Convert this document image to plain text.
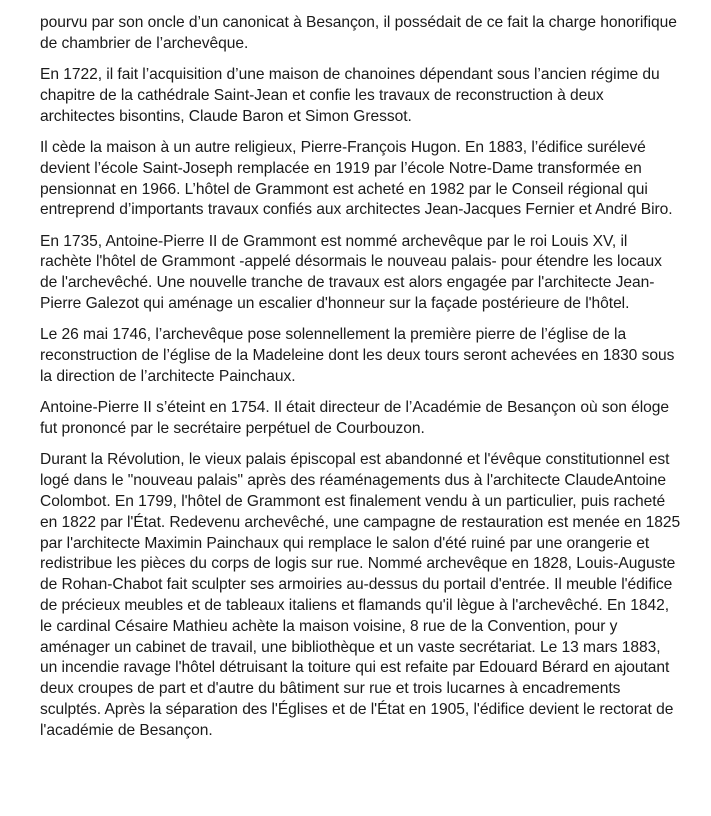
pourvu par son oncle d’un canonicat à Besançon, il possédait de ce fait la charge honorifique de chambrier de l’archevêque.

En 1722, il fait l’acquisition d’une maison de chanoines dépendant sous l’ancien régime du chapitre de la cathédrale Saint-Jean et confie les travaux de reconstruction à deux architectes bisontins, Claude Baron et Simon Gressot.

Il cède la maison à un autre religieux, Pierre-François Hugon. En 1883, l’édifice surélevé devient l’école Saint-Joseph remplacée en 1919 par l’école Notre-Dame transformée en pensionnat en 1966. L’hôtel de Grammont est acheté en 1982 par le Conseil régional qui entreprend d’importants travaux confiés aux architectes Jean-Jacques Fernier et André Biro.

En 1735, Antoine-Pierre II de Grammont est nommé archevêque par le roi Louis XV, il rachète l'hôtel de Grammont -appelé désormais le nouveau palais- pour étendre les locaux de l'archevêché. Une nouvelle tranche de travaux est alors engagée par l'architecte Jean-Pierre Galezot qui aménage un escalier d'honneur sur la façade postérieure de l'hôtel.

Le 26 mai 1746, l’archevêque pose solennellement la première pierre de l’église de la reconstruction de l’église de la Madeleine dont les deux tours seront achevées en 1830 sous la direction de l’architecte Painchaux.

Antoine-Pierre II s’éteint en 1754. Il était directeur de l’Académie de Besançon où son éloge fut prononcé par le secrétaire perpétuel de Courbouzon.

Durant la Révolution, le vieux palais épiscopal est abandonné et l'évêque constitutionnel est logé dans le "nouveau palais" après des réaménagements dus à l'architecte ClaudeAntoine Colombot. En 1799, l'hôtel de Grammont est finalement vendu à un particulier, puis racheté en 1822 par l'État. Redevenu archevêché, une campagne de restauration est menée en 1825 par l'architecte Maximin Painchaux qui remplace le salon d'été ruiné par une orangerie et redistribue les pièces du corps de logis sur rue. Nommé archevêque en 1828, Louis-Auguste de Rohan-Chabot fait sculpter ses armoiries au-dessus du portail d'entrée. Il meuble l'édifice de précieux meubles et de tableaux italiens et flamands qu'il lègue à l'archevêché. En 1842, le cardinal Césaire Mathieu achète la maison voisine, 8 rue de la Convention, pour y aménager un cabinet de travail, une bibliothèque et un vaste secrétariat. Le 13 mars 1883, un incendie ravage l'hôtel détruisant la toiture qui est refaite par Edouard Bérard en ajoutant deux croupes de part et d'autre du bâtiment sur rue et trois lucarnes à encadrements sculptés. Après la séparation des l'Églises et de l'État en 1905, l'édifice devient le rectorat de l'académie de Besançon.
